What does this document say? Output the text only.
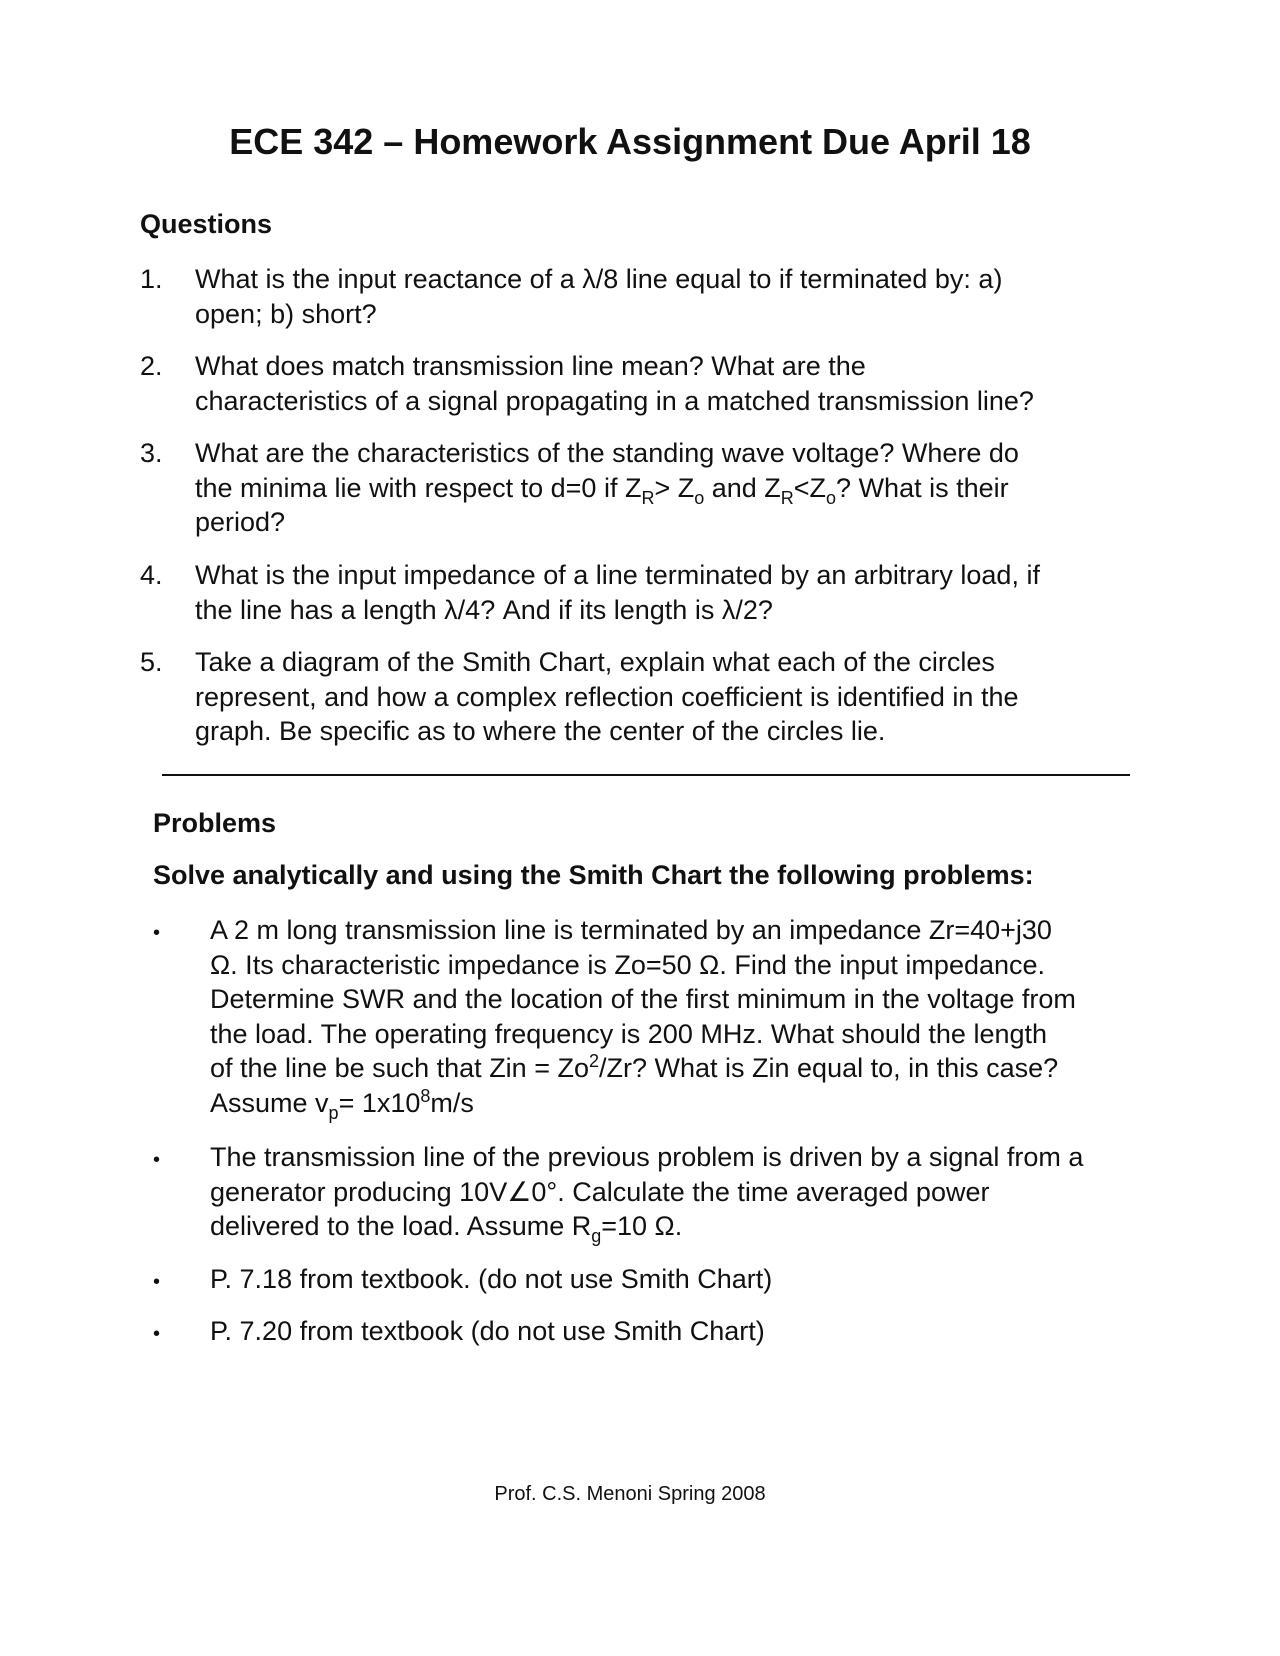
ECE 342 – Homework Assignment Due April 18
Questions
1. What is the input reactance of a λ/8 line equal to if terminated by: a)
open; b) short?
2. What does match transmission line mean? What are the
characteristics of a signal propagating in a matched transmission line?
3. What are the characteristics of the standing wave voltage? Where do
the minima lie with respect to d=0 if $Z_R> Z_o$ and $Z_R<Z_o$? What is their
period?
4. What is the input impedance of a line terminated by an arbitrary load, if
the line has a length λ/4? And if its length is λ/2?
5. Take a diagram of the Smith Chart, explain what each of the circles
represent, and how a complex reflection coefficient is identified in the
graph. Be specific as to where the center of the circles lie.
Problems
Solve analytically and using the Smith Chart the following problems:
• A 2 m long transmission line is terminated by an impedance Zr=40+j30
Ω. Its characteristic impedance is Zo=50 Ω. Find the input impedance.
Determine SWR and the location of the first minimum in the voltage from
the load. The operating frequency is 200 MHz. What should the length
of the line be such that Zin = $Zo^2/Zr$? What is Zin equal to, in this case?
Assume $v_p= 1x10^8m/s$
• The transmission line of the previous problem is driven by a signal from a
generator producing 10V∠0°. Calculate the time averaged power
delivered to the load. Assume $R_g=10$ Ω.
• P. 7.18 from textbook. (do not use Smith Chart)
• P. 7.20 from textbook (do not use Smith Chart)
Prof. C.S. Menoni Spring 2008
